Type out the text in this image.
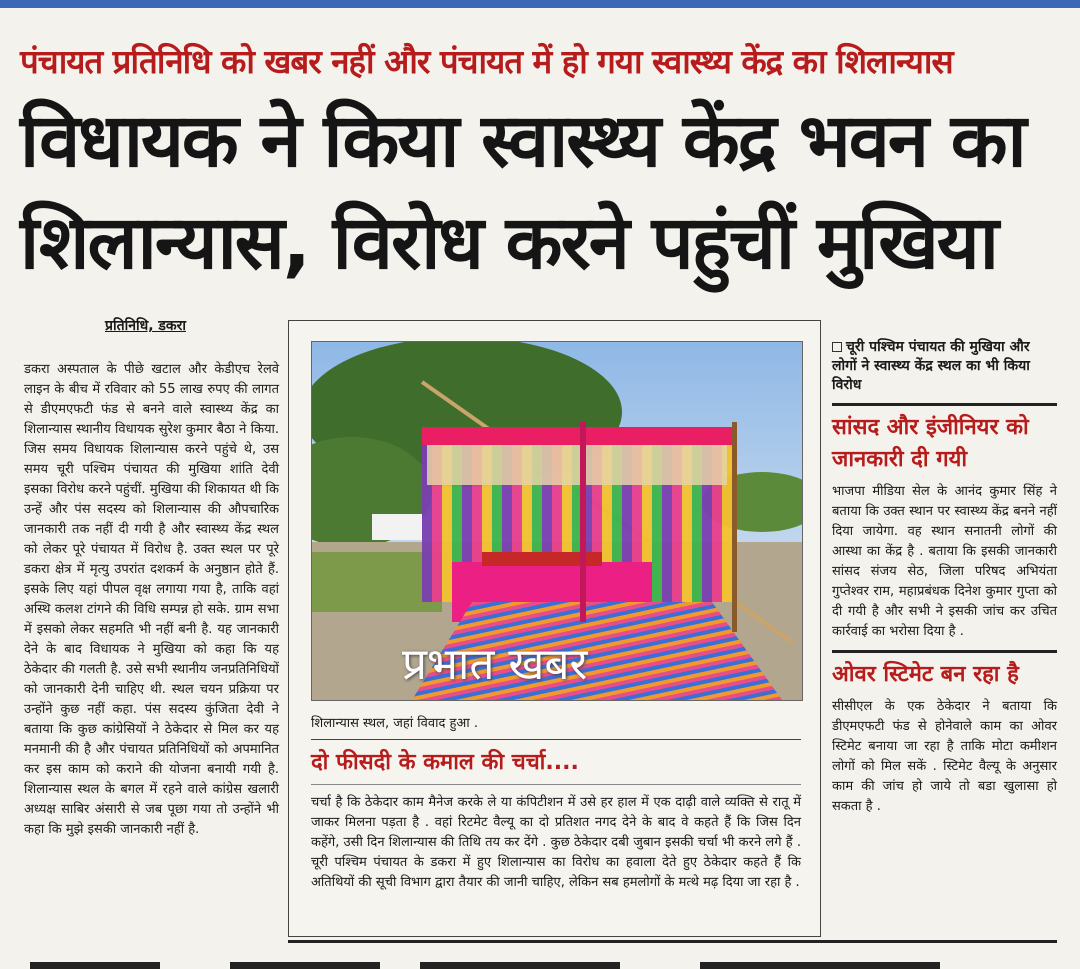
पंचायत प्रतिनिधि को खबर नहीं और पंचायत में हो गया स्वास्थ्य केंद्र का शिलान्यास
विधायक ने किया स्वास्थ्य केंद्र भवन का
शिलान्यास, विरोध करने पहुंचीं मुखिया
प्रतिनिधि, डकरा
डकरा अस्पताल के पीछे खटाल और केडीएच रेलवे लाइन के बीच में रविवार को 55 लाख रुपए की लागत से डीएमएफटी फंड से बनने वाले स्वास्थ्य केंद्र का शिलान्यास स्थानीय विधायक सुरेश कुमार बैठा ने किया. जिस समय विधायक शिलान्यास करने पहुंचे थे, उस समय चूरी पश्चिम पंचायत की मुखिया शांति देवी इसका विरोध करने पहुंचीं. मुखिया की शिकायत थी कि उन्हें और पंस सदस्य को शिलान्यास की औपचारिक जानकारी तक नहीं दी गयी है और स्वास्थ्य केंद्र स्थल को लेकर पूरे पंचायत में विरोध है. उक्त स्थल पर पूरे डकरा क्षेत्र में मृत्यु उपरांत दशकर्म के अनुष्ठान होते हैं. इसके लिए यहां पीपल वृक्ष लगाया गया है, ताकि वहां अस्थि कलश टांगने की विधि सम्पन्न हो सके. ग्राम सभा में इसको लेकर सहमति भी नहीं बनी है. यह जानकारी देने के बाद विधायक ने मुखिया को कहा कि यह ठेकेदार की गलती है. उसे सभी स्थानीय जनप्रतिनिधियों को जानकारी देनी चाहिए थी. स्थल चयन प्रक्रिया पर उन्होंने कुछ नहीं कहा. पंस सदस्य कुंजिता देवी ने बताया कि कुछ कांग्रेसियों ने ठेकेदार से मिल कर यह मनमानी की है और पंचायत प्रतिनिधियों को अपमानित कर इस काम को कराने की योजना बनायी गयी है. शिलान्यास स्थल के बगल में रहने वाले कांग्रेस खलारी अध्यक्ष साबिर अंसारी से जब पूछा गया तो उन्होंने भी कहा कि मुझे इसकी जानकारी नहीं है.
प्रभात खबर
शिलान्यास स्थल, जहां विवाद हुआ .
दो फीसदी के कमाल की चर्चा....
चर्चा है कि ठेकेदार काम मैनेज करके ले या कंपिटीशन में उसे हर हाल में एक दाढ़ी वाले व्यक्ति से रातू में जाकर मिलना पड़ता है . वहां रिटमेट वैल्यू का दो प्रतिशत नगद देने के बाद वे कहते हैं कि जिस दिन कहेंगे, उसी दिन शिलान्यास की तिथि तय कर देंगे . कुछ ठेकेदार दबी जुबान इसकी चर्चा भी करने लगे हैं . चूरी पश्चिम पंचायत के डकरा में हुए शिलान्यास का विरोध का हवाला देते हुए ठेकेदार कहते हैं कि अतिथियों की सूची विभाग द्वारा तैयार की जानी चाहिए, लेकिन सब हमलोगों के मत्थे मढ़ दिया जा रहा है .
चूरी पश्चिम पंचायत की मुखिया और लोगों ने स्वास्थ्य केंद्र स्थल का भी किया विरोध
सांसद और इंजीनियर को जानकारी दी गयी
भाजपा मीडिया सेल के आनंद कुमार सिंह ने बताया कि उक्त स्थान पर स्वास्थ्य केंद्र बनने नहीं दिया जायेगा. वह स्थान सनातनी लोगों की आस्था का केंद्र है . बताया कि इसकी जानकारी सांसद संजय सेठ, जिला परिषद अभियंता गुप्तेश्वर राम, महाप्रबंधक दिनेश कुमार गुप्ता को दी गयी है और सभी ने इसकी जांच कर उचित कार्रवाई का भरोसा दिया है .
ओवर स्टिमेट बन रहा है
सीसीएल के एक ठेकेदार ने बताया कि डीएमएफटी फंड से होनेवाले काम का ओवर स्टिमेट बनाया जा रहा है ताकि मोटा कमीशन लोगों को मिल सकें . स्टिमेट वैल्यू के अनुसार काम की जांच हो जाये तो बडा खुलासा हो सकता है .
